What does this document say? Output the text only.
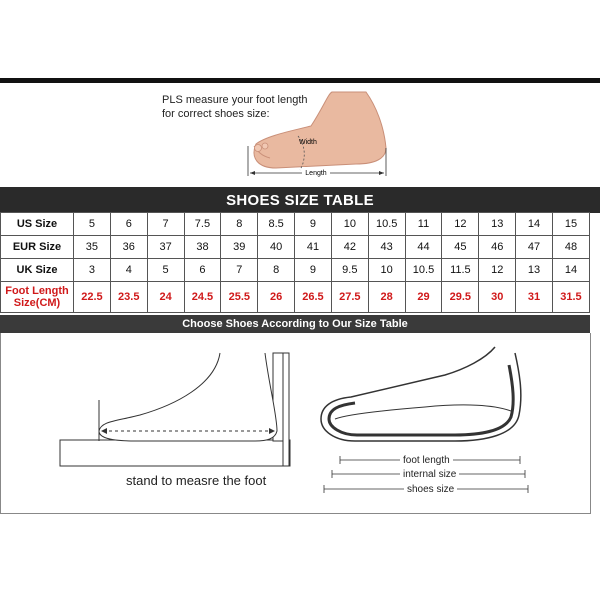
PLS measure your foot length
for correct shoes size:
Length
Width
SHOES SIZE TABLE
US Size	5	6	7	7.5	8	8.5	9	10	10.5	11	12	13	14	15
EUR Size	35	36	37	38	39	40	41	42	43	44	45	46	47	48
UK Size	3	4	5	6	7	8	9	9.5	10	10.5	11.5	12	13	14

Foot Length
Size(CM)	22.5	23.5	24	24.5	25.5	26	26.5	27.5	28	29	29.5	30	31	31.5
Choose Shoes According to Our Size Table
stand to measre the foot
foot length
internal size
shoes size
